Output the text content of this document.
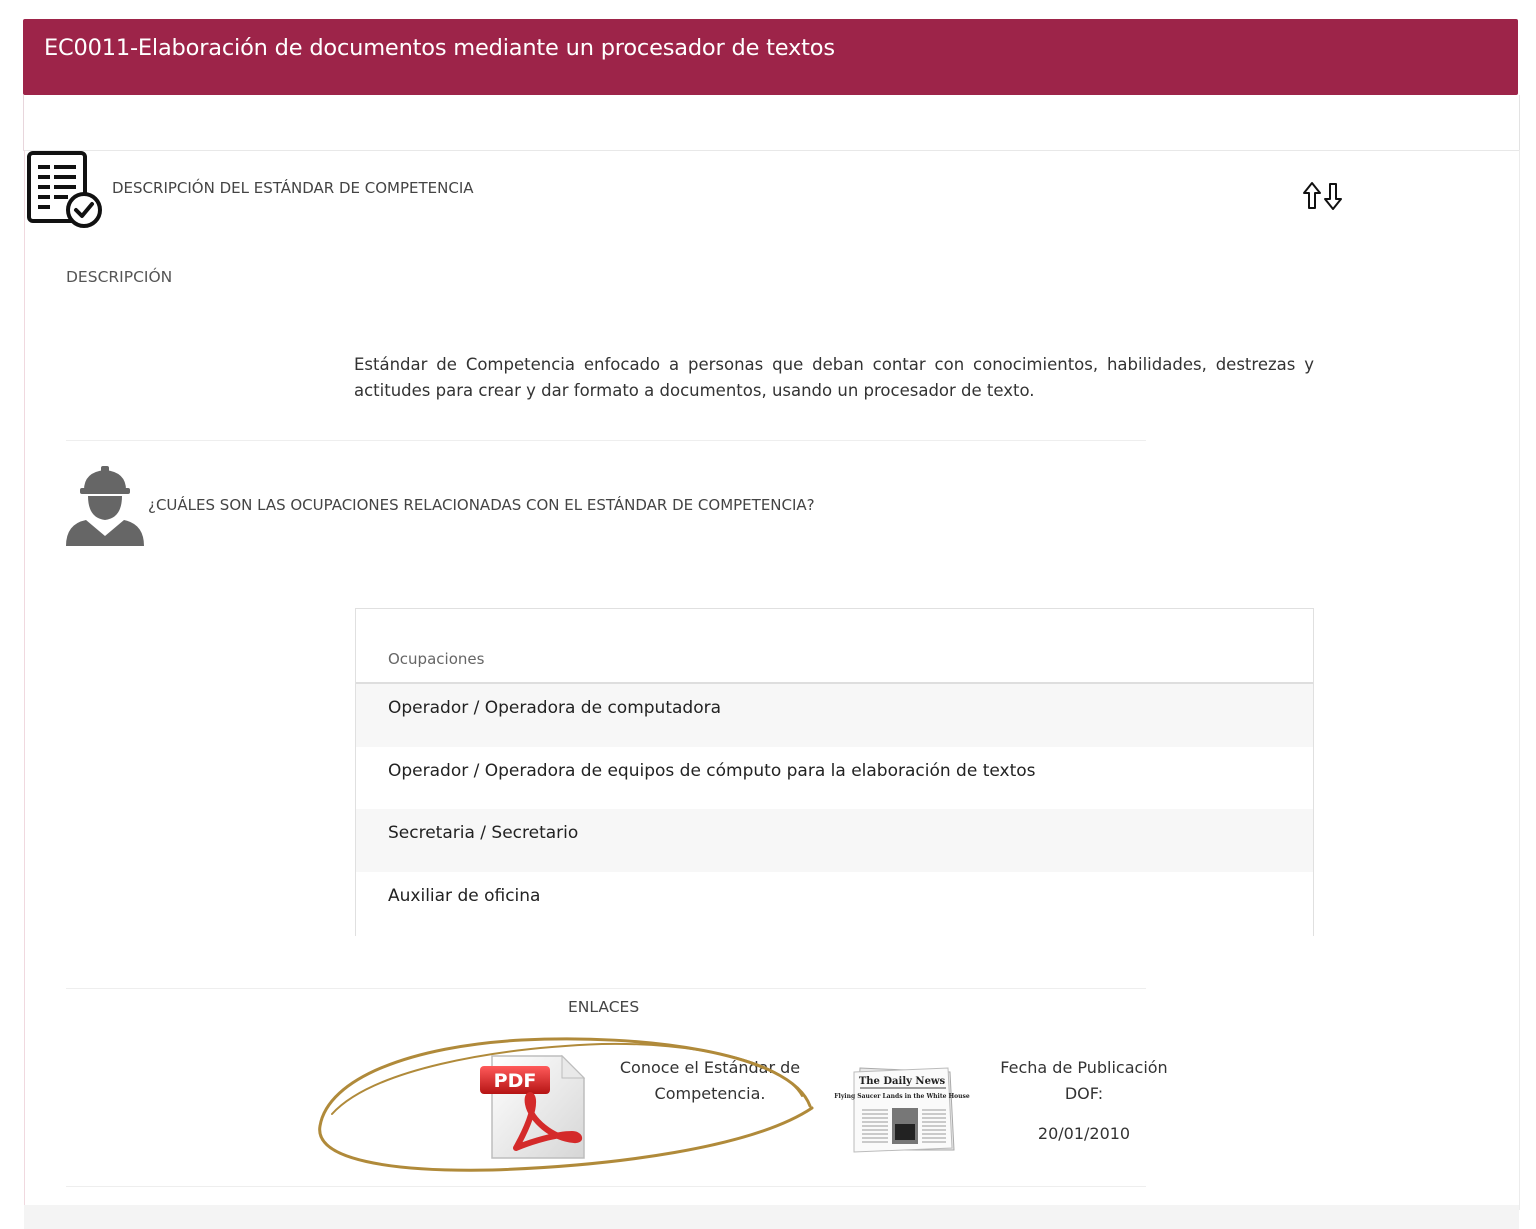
EC0011-Elaboración de documentos mediante un procesador de textos
DESCRIPCIÓN DEL ESTÁNDAR DE COMPETENCIA
DESCRIPCIÓN
Estándar de Competencia enfocado a personas que deban contar con conocimientos, habilidades, destrezas y actitudes para crear y dar formato a documentos, usando un procesador de texto.
¿CUÁLES SON LAS OCUPACIONES RELACIONADAS CON EL ESTÁNDAR DE COMPETENCIA?
Ocupaciones
Operador / Operadora de computadora
Operador / Operadora de equipos de cómputo para la elaboración de textos
Secretaria / Secretario
Auxiliar de oficina
ENLACES
PDF
Conoce el Estándar de Competencia.
The Daily News
Flying Saucer Lands in the White House
Fecha de Publicación DOF:
20/01/2010
